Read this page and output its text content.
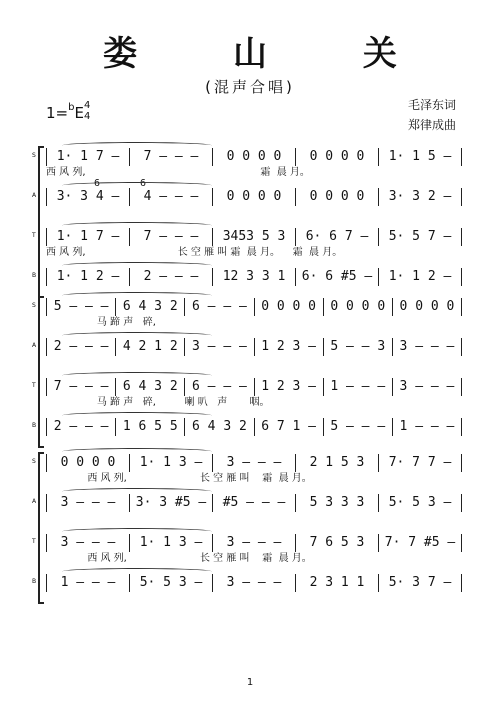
娄 山 关
(混声合唱)
1=$^b$E 4
4
毛泽东词
郑律成曲
S	1· 1 7 –	7 – – –	0 0 0 0	0 0 0 0	1· 1 5 –
西 风 列,                                                       霜  晨 月。
A	3· 3 4 –	4 – – –	0 0 0 0	0 0 0 0	3· 3 2 –
6	6
T	1· 1 7 –	7 – – –	3453 5 3	6· 6 7 –	5· 5 7 –
西 风 列,                             长 空 雁 叫 霜  晨 月。    霜  晨 月。
B	1· 1 2 –	2 – – –	12 3 3 1	6· 6 #5 –	1· 1 2 –
S	5 – – –	6 4 3 2	6 – – –	0 0 0 0	0 0 0 0	0 0 0 0
马 蹄 声   碎,
A	2 – – –	4 2 1 2	3 – – –	1 2 3 –	5 – – 3	3 – – –
T	7 – – –	6 4 3 2	6 – – –	1 2 3 –	1 – – –	3 – – –
马 蹄 声   碎,         喇 叭   声       咽。
B	2 – – –	1 6 5 5	6 4 3 2	6 7 1 –	5 – – –	1 – – –
S	0 0 0 0	1· 1 3 –	3 – – –	2 1 5 3	7· 7 7 –
西 风 列,                       长 空 雁 叫    霜  晨 月。
A	3 – – –	3· 3 #5 –	#5 – – –	5 3 3 3	5· 5 3 –
T	3 – – –	1· 1 3 –	3 – – –	7 6 5 3	7· 7 #5 –
西 风 列,                       长 空 雁 叫    霜  晨 月。
B	1 – – –	5· 5 3 –	3 – – –	2 3 1 1	5· 3 7 –
1
